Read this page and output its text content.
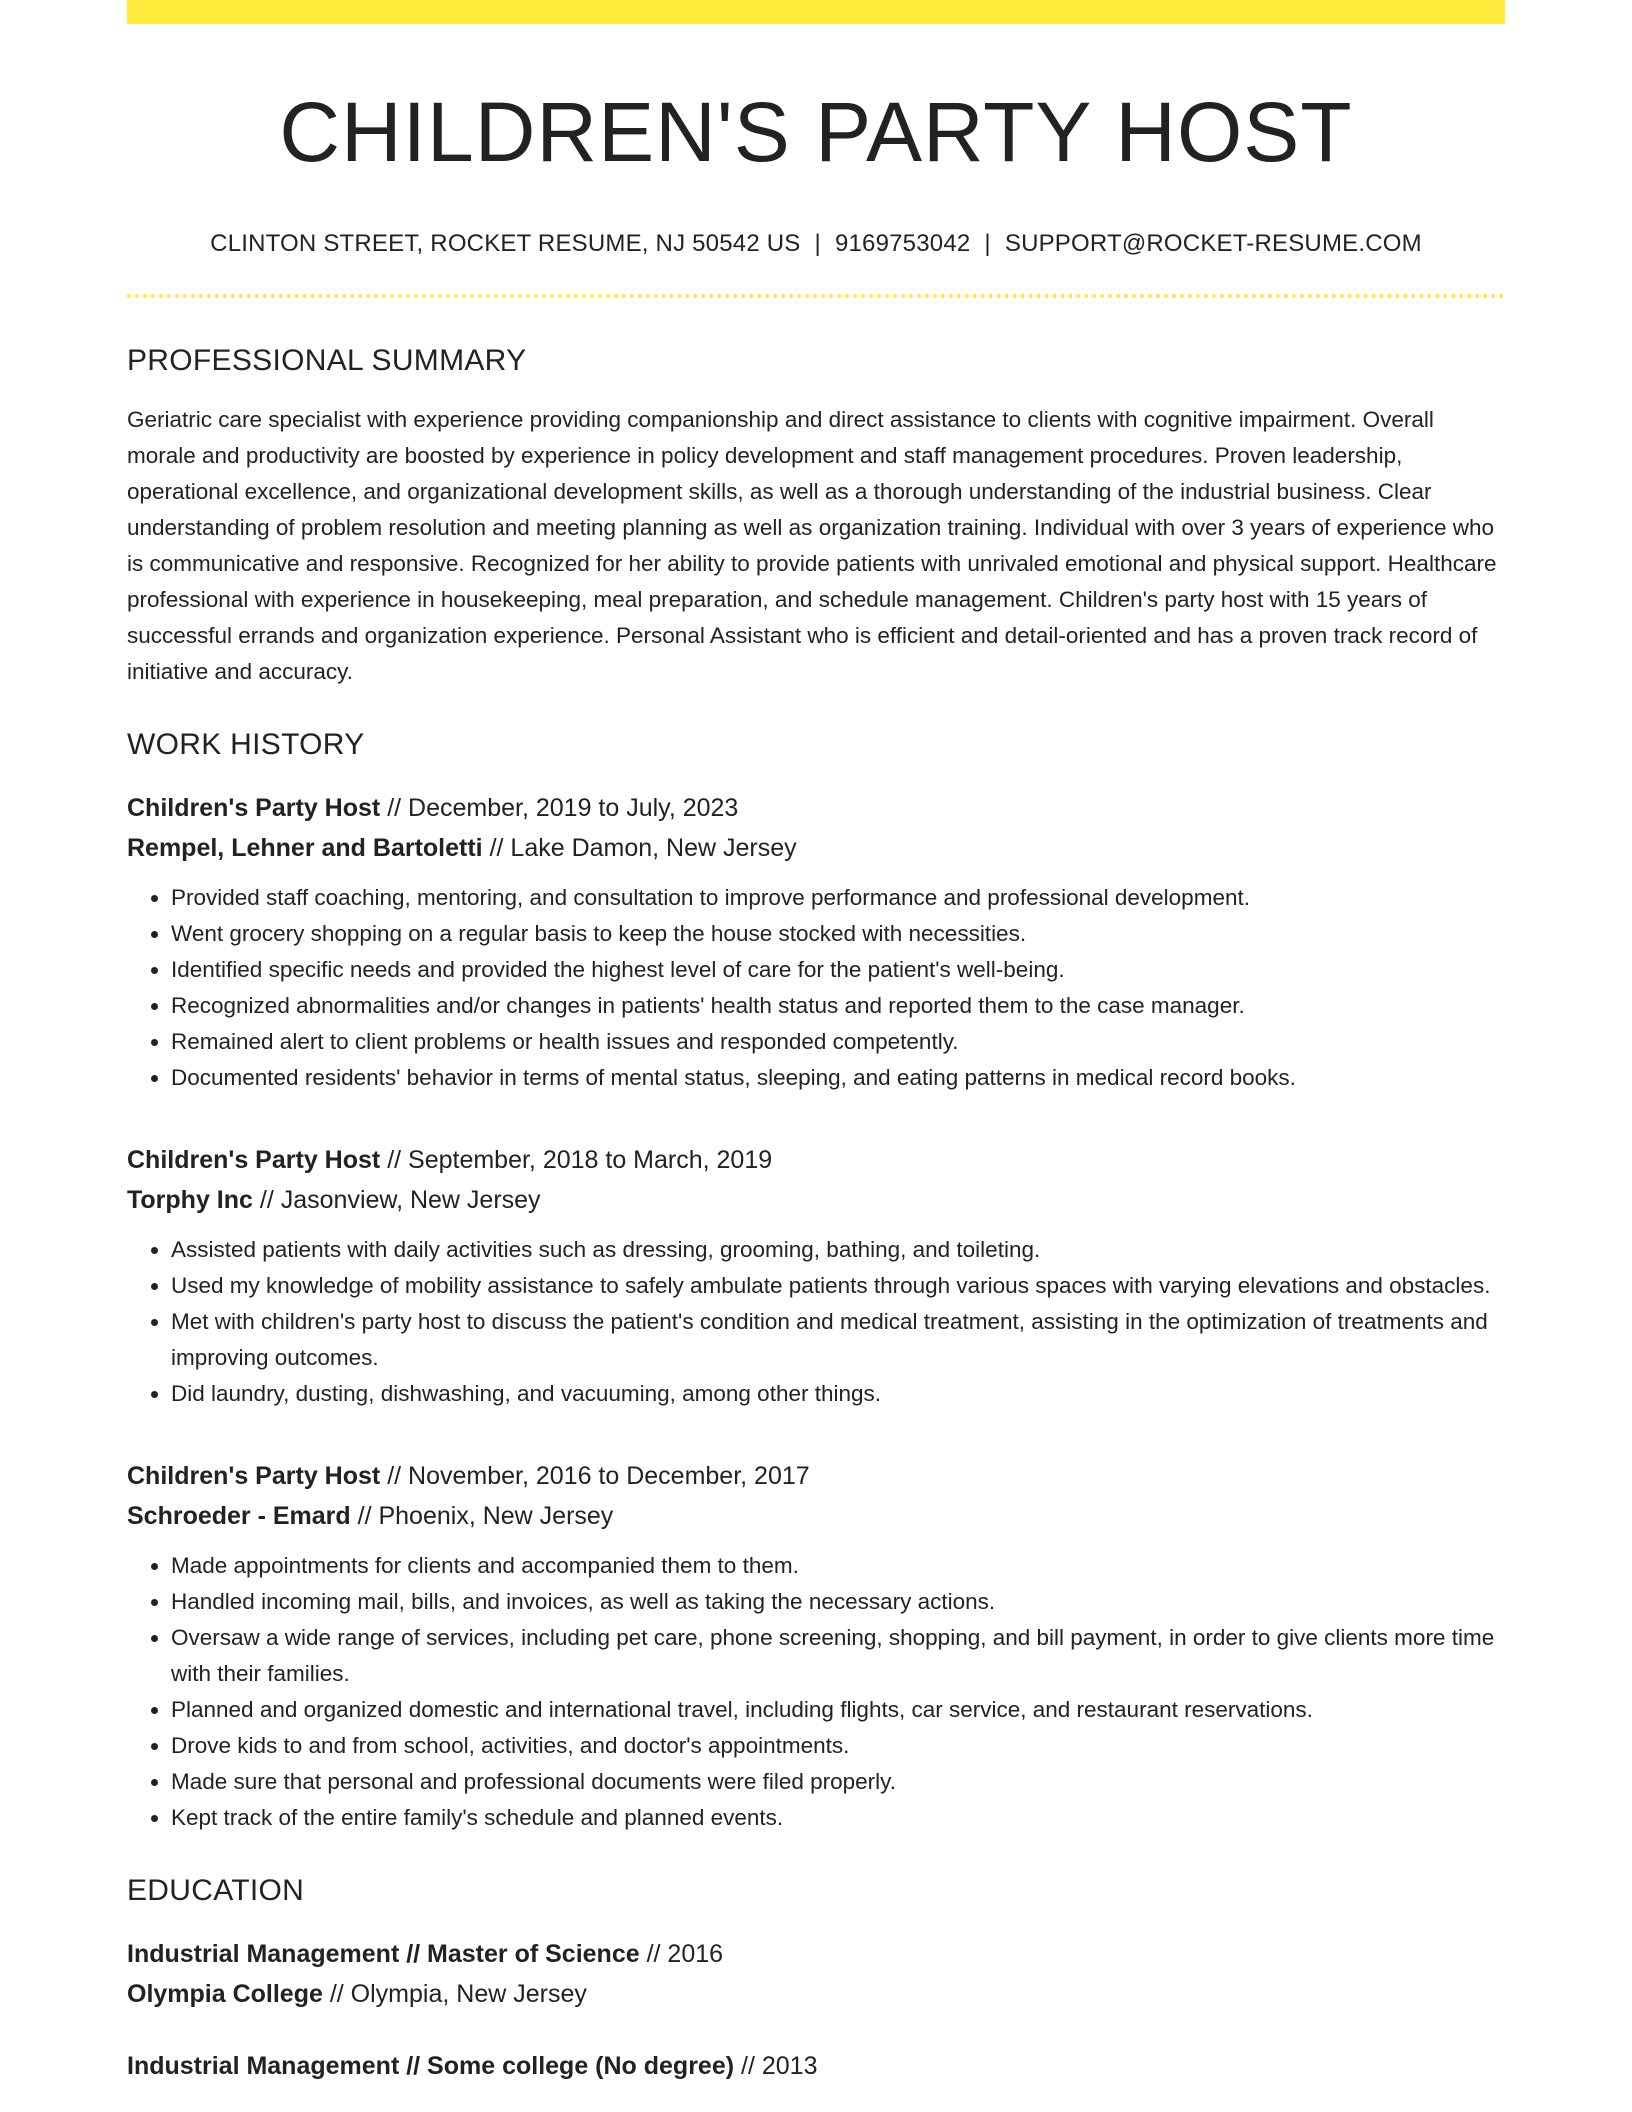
CHILDREN'S PARTY HOST
CLINTON STREET, ROCKET RESUME, NJ 50542 US | 9169753042 | SUPPORT@ROCKET-RESUME.COM
PROFESSIONAL SUMMARY

Geriatric care specialist with experience providing companionship and direct assistance to clients with cognitive impairment. Overall morale and productivity are boosted by experience in policy development and staff management procedures. Proven leadership, operational excellence, and organizational development skills, as well as a thorough understanding of the industrial business. Clear understanding of problem resolution and meeting planning as well as organization training. Individual with over 3 years of experience who is communicative and responsive. Recognized for her ability to provide patients with unrivaled emotional and physical support. Healthcare professional with experience in housekeeping, meal preparation, and schedule management. Children's party host with 15 years of successful errands and organization experience. Personal Assistant who is efficient and detail-oriented and has a proven track record of initiative and accuracy.

WORK HISTORY
Children's Party Host // December, 2019 to July, 2023
Rempel, Lehner and Bartoletti // Lake Damon, New Jersey
• Provided staff coaching, mentoring, and consultation to improve performance and professional development.
• Went grocery shopping on a regular basis to keep the house stocked with necessities.
• Identified specific needs and provided the highest level of care for the patient's well-being.
• Recognized abnormalities and/or changes in patients' health status and reported them to the case manager.
• Remained alert to client problems or health issues and responded competently.
• Documented residents' behavior in terms of mental status, sleeping, and eating patterns in medical record books.
Children's Party Host // September, 2018 to March, 2019
Torphy Inc // Jasonview, New Jersey
• Assisted patients with daily activities such as dressing, grooming, bathing, and toileting.
• Used my knowledge of mobility assistance to safely ambulate patients through various spaces with varying elevations and obstacles.
• Met with children's party host to discuss the patient's condition and medical treatment, assisting in the optimization of treatments and improving outcomes.
• Did laundry, dusting, dishwashing, and vacuuming, among other things.
Children's Party Host // November, 2016 to December, 2017
Schroeder - Emard // Phoenix, New Jersey
• Made appointments for clients and accompanied them to them.
• Handled incoming mail, bills, and invoices, as well as taking the necessary actions.
• Oversaw a wide range of services, including pet care, phone screening, shopping, and bill payment, in order to give clients more time with their families.
• Planned and organized domestic and international travel, including flights, car service, and restaurant reservations.
• Drove kids to and from school, activities, and doctor's appointments.
• Made sure that personal and professional documents were filed properly.
• Kept track of the entire family's schedule and planned events.
EDUCATION
Industrial Management // Master of Science // 2016
Olympia College // Olympia, New Jersey
Industrial Management // Some college (No degree) // 2013
